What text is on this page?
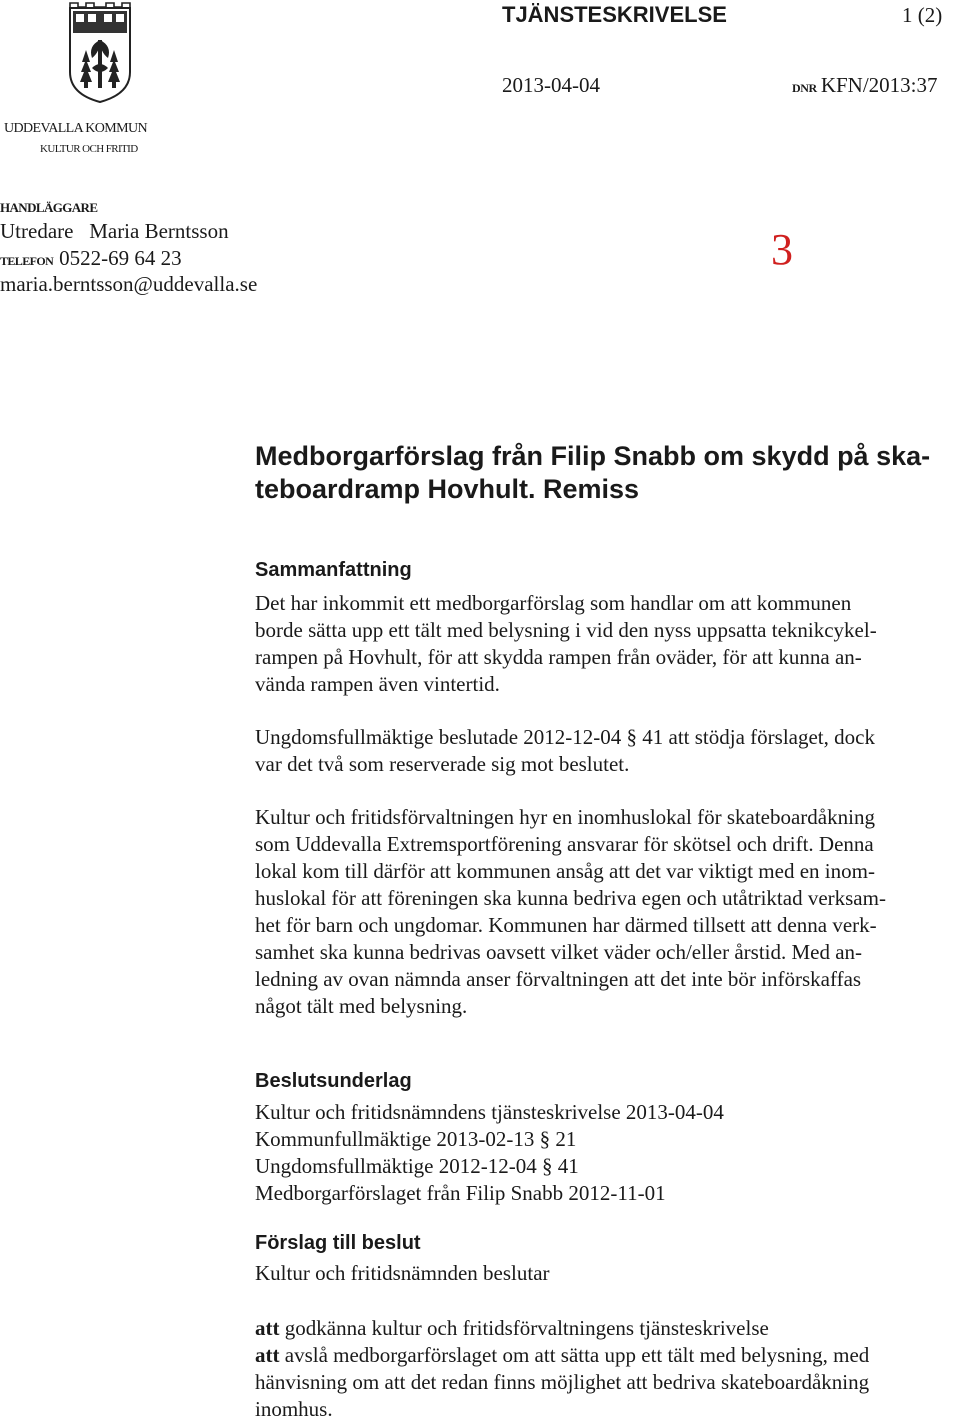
TJÄNSTESKRIVELSE	1 (2)
2013-04-04	DNR KFN/2013:37
UDDEVALLA KOMMUN
KULTUR OCH FRITID
HANDLÄGGARE
Utredare   Maria Berntsson
TELEFON 0522-69 64 23
maria.berntsson@uddevalla.se
3
Medborgarförslag från Filip Snabb om skydd på ska-
teboardramp Hovhult. Remiss
Sammanfattning
Det har inkommit ett medborgarförslag som handlar om att kommunen
borde sätta upp ett tält med belysning i vid den nyss uppsatta teknikcykel-
rampen på Hovhult, för att skydda rampen från oväder, för att kunna an-
vända rampen även vintertid.
Ungdomsfullmäktige beslutade 2012-12-04 § 41 att stödja förslaget, dock
var det två som reserverade sig mot beslutet.
Kultur och fritidsförvaltningen hyr en inomhuslokal för skateboardåkning
som Uddevalla Extremsportförening ansvarar för skötsel och drift. Denna
lokal kom till därför att kommunen ansåg att det var viktigt med en inom-
huslokal för att föreningen ska kunna bedriva egen och utåtriktad verksam-
het för barn och ungdomar. Kommunen har därmed tillsett att denna verk-
samhet ska kunna bedrivas oavsett vilket väder och/eller årstid. Med an-
ledning av ovan nämnda anser förvaltningen att det inte bör införskaffas
något tält med belysning.
Beslutsunderlag
Kultur och fritidsnämndens tjänsteskrivelse 2013-04-04
Kommunfullmäktige 2013-02-13 § 21
Ungdomsfullmäktige 2012-12-04 § 41
Medborgarförslaget från Filip Snabb 2012-11-01
Förslag till beslut
Kultur och fritidsnämnden beslutar
att godkänna kultur och fritidsförvaltningens tjänsteskrivelse
att avslå medborgarförslaget om att sätta upp ett tält med belysning, med
hänvisning om att det redan finns möjlighet att bedriva skateboardåkning
inomhus.
